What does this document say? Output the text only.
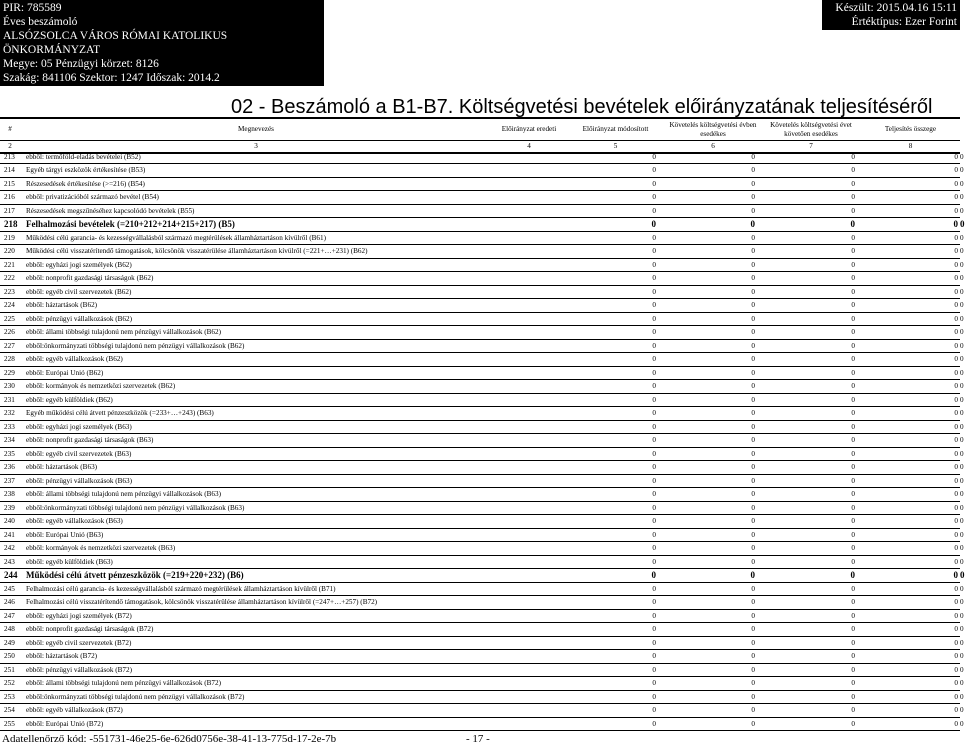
PIR: 785589
Éves beszámoló
ALSÓZSOLCA VÁROS RÓMAI KATOLIKUS ÖNKORMÁNYZAT
Megye: 05 Pénzügyi körzet: 8126
Szakág: 841106 Szektor: 1247 Időszak: 2014.2
Készült: 2015.04.16 15:11
Értéktípus: Ezer Forint
02 - Beszámoló a B1-B7. Költségvetési bevételek előirányzatának teljesítéséről
#	Megnevezés	Előirányzat eredeti	Előirányzat módosított	Követelés költségvetési évben esedékes	Követelés költségvetési évet követően esedékes	Teljesítés összege
2	3	4	5	6	7	8
213	ebből: termőföld-eladás bevételei (B52)	0	0	0	0	0
214	Egyéb tárgyi eszközök értékesítése (B53)	0	0	0	0	0
215	Részesedések értékesítése (>=216) (B54)	0	0	0	0	0
216	ebből: privatizációból származó bevétel (B54)	0	0	0	0	0
217	Részesedések megszűnéséhez kapcsolódó bevételek (B55)	0	0	0	0	0
218	Felhalmozási bevételek (=210+212+214+215+217) (B5)	0	0	0	0	0
219	Működési célú garancia- és kezességvállalásból származó megtérülések államháztartáson kívülről (B61)	0	0	0	0	0
220	Működési célú visszatérítendő támogatások, kölcsönök visszatérülése államháztartáson kívülről (=221+…+231) (B62)	0	0	0	0	0
221	ebből: egyházi jogi személyek (B62)	0	0	0	0	0
222	ebből: nonprofit gazdasági társaságok (B62)	0	0	0	0	0
223	ebből: egyéb civil szervezetek (B62)	0	0	0	0	0
224	ebből: háztartások (B62)	0	0	0	0	0
225	ebből: pénzügyi vállalkozások (B62)	0	0	0	0	0
226	ebből: állami többségi tulajdonú nem pénzügyi vállalkozások (B62)	0	0	0	0	0
227	ebből:önkormányzati többségi tulajdonú nem pénzügyi vállalkozások (B62)	0	0	0	0	0
228	ebből: egyéb vállalkozások (B62)	0	0	0	0	0
229	ebből: Európai Unió (B62)	0	0	0	0	0
230	ebből: kormányok és nemzetközi szervezetek (B62)	0	0	0	0	0
231	ebből: egyéb külföldiek (B62)	0	0	0	0	0
232	Egyéb működési célú átvett pénzeszközök (=233+…+243) (B63)	0	0	0	0	0
233	ebből: egyházi jogi személyek (B63)	0	0	0	0	0
234	ebből: nonprofit gazdasági társaságok (B63)	0	0	0	0	0
235	ebből: egyéb civil szervezetek (B63)	0	0	0	0	0
236	ebből: háztartások (B63)	0	0	0	0	0
237	ebből: pénzügyi vállalkozások (B63)	0	0	0	0	0
238	ebből: állami többségi tulajdonú nem pénzügyi vállalkozások (B63)	0	0	0	0	0
239	ebből:önkormányzati többségi tulajdonú nem pénzügyi vállalkozások (B63)	0	0	0	0	0
240	ebből: egyéb vállalkozások (B63)	0	0	0	0	0
241	ebből: Európai Unió (B63)	0	0	0	0	0
242	ebből: kormányok és nemzetközi szervezetek (B63)	0	0	0	0	0
243	ebből: egyéb külföldiek (B63)	0	0	0	0	0
244	Működési célú átvett pénzeszközök (=219+220+232) (B6)	0	0	0	0	0
245	Felhalmozási célú garancia- és kezességvállalásból származó megtérülések államháztartáson kívülről (B71)	0	0	0	0	0
246	Felhalmozási célú visszatérítendő támogatások, kölcsönök visszatérülése államháztartáson kívülről (=247+…+257) (B72)	0	0	0	0	0
247	ebből: egyházi jogi személyek (B72)	0	0	0	0	0
248	ebből: nonprofit gazdasági társaságok (B72)	0	0	0	0	0
249	ebből: egyéb civil szervezetek (B72)	0	0	0	0	0
250	ebből: háztartások (B72)	0	0	0	0	0
251	ebből: pénzügyi vállalkozások (B72)	0	0	0	0	0
252	ebből: állami többségi tulajdonú nem pénzügyi vállalkozások (B72)	0	0	0	0	0
253	ebből:önkormányzati többségi tulajdonú nem pénzügyi vállalkozások (B72)	0	0	0	0	0
254	ebből: egyéb vállalkozások (B72)	0	0	0	0	0
255	ebből: Európai Unió (B72)	0	0	0	0	0
Adatellenőrző kód: -551731-46e25-6e-626d0756e-38-41-13-775d-17-2e-7b	- 17 -
